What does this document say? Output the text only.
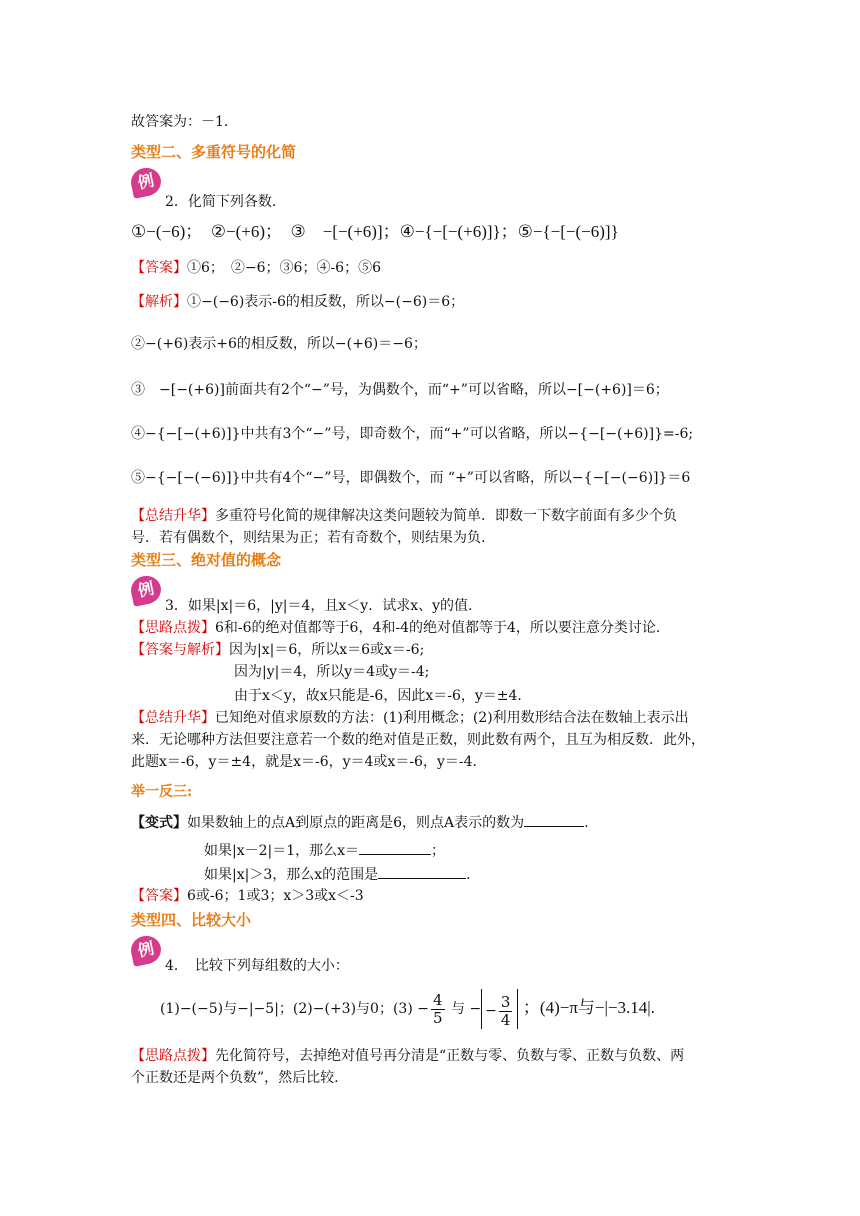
故答案为：－1.
类型二、多重符号的化简
例
2．化简下列各数.
①−(−6)；　②−(+6)；　③　−[−(+6)]；④−{−[−(+6)]}；⑤−{−[−(−6)]}
【答案】①6；　②−6；③6；④-6；⑤6
【解析】①−(−6)表示-6的相反数，所以−(−6)＝6；
②−(+6)表示+6的相反数，所以−(+6)＝−6；
③　−[−(+6)]前面共有2个“−”号，为偶数个，而“+”可以省略，所以−[−(+6)]＝6；
④−{−[−(+6)]}中共有3个“−”号，即奇数个，而“+”可以省略，所以−{−[−(+6)]}=-6;
⑤−{−[−(−6)]}中共有4个“−”号，即偶数个，而 “+”可以省略，所以−{−[−(−6)]}＝6
【总结升华】多重符号化简的规律解决这类问题较为简单．即数一下数字前面有多少个负
号．若有偶数个，则结果为正；若有奇数个，则结果为负.
类型三、绝对值的概念
例
3．如果|x|＝6，|y|＝4，且x＜y．试求x、y的值.
【思路点拨】6和-6的绝对值都等于6，4和-4的绝对值都等于4，所以要注意分类讨论.
【答案与解析】因为|x|＝6，所以x＝6或x＝-6;
因为|y|＝4，所以y＝4或y＝-4;
由于x＜y，故x只能是-6，因此x＝-6，y＝±4.
【总结升华】已知绝对值求原数的方法：(1)利用概念；(2)利用数形结合法在数轴上表示出
来．无论哪种方法但要注意若一个数的绝对值是正数，则此数有两个，且互为相反数．此外，
此题x＝-6，y＝±4，就是x＝-6，y＝4或x＝-6，y＝-4.
举一反三:
【变式】如果数轴上的点A到原点的距离是6，则点A表示的数为	.
如果|x－2|＝1，那么x＝	；
如果|x|＞3，那么x的范围是	.
【答案】6或-6；1或3；x＞3或x＜-3
类型四、比较大小
例
4．　比较下列每组数的大小：
(1)−(−5)与−|−5|；(2)−(+3)与0；$(3) - \frac{4}{5}$ 与 − − $\frac{3}{4}$ ；(4)−π与−|−3.14|.
【思路点拨】先化简符号，去掉绝对值号再分清是“正数与零、负数与零、正数与负数、两
个正数还是两个负数”，然后比较.
